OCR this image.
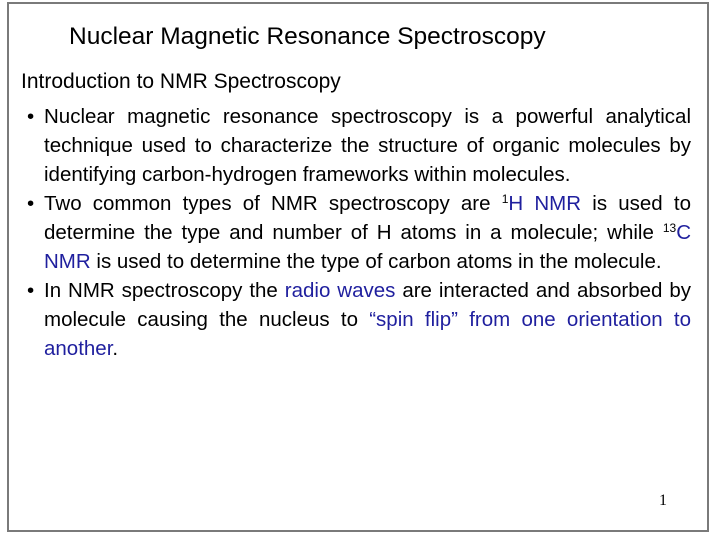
Nuclear Magnetic Resonance Spectroscopy
Introduction to NMR Spectroscopy
• Nuclear magnetic resonance spectroscopy is a powerful analytical technique used to characterize the structure of organic molecules by identifying carbon-hydrogen frameworks within molecules.
• Two common types of NMR spectroscopy are $^1$H NMR is used to determine the type and number of H atoms in a molecule; while $^{13}$C NMR is used to determine the type of carbon atoms in the molecule.
• In NMR spectroscopy the radio waves are interacted and absorbed by molecule causing the nucleus to “spin flip” from one orientation to another.
1
